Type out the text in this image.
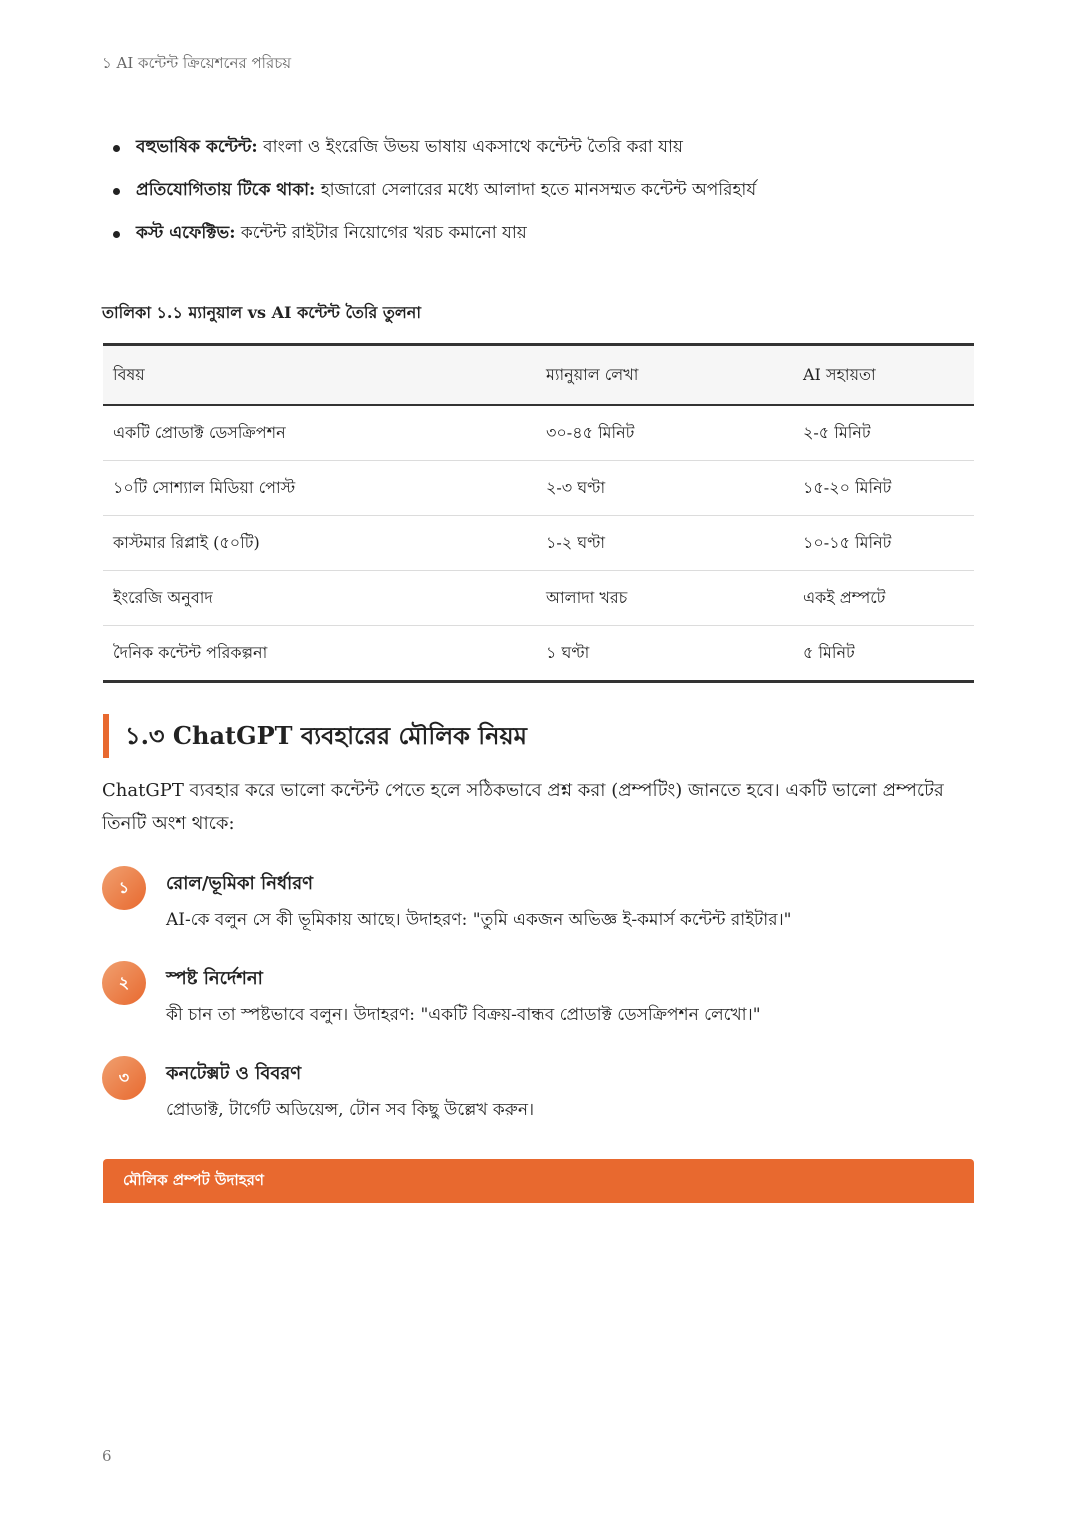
১ AI কন্টেন্ট ক্রিয়েশনের পরিচয়
বহুভাষিক কন্টেন্ট: বাংলা ও ইংরেজি উভয় ভাষায় একসাথে কন্টেন্ট তৈরি করা যায়
প্রতিযোগিতায় টিকে থাকা: হাজারো সেলারের মধ্যে আলাদা হতে মানসম্মত কন্টেন্ট অপরিহার্য
কস্ট এফেক্টিভ: কন্টেন্ট রাইটার নিয়োগের খরচ কমানো যায়
তালিকা ১.১ ম্যানুয়াল vs AI কন্টেন্ট তৈরি তুলনা
বিষয়	ম্যানুয়াল লেখা	AI সহায়তা
একটি প্রোডাক্ট ডেসক্রিপশন	৩০-৪৫ মিনিট	২-৫ মিনিট
১০টি সোশ্যাল মিডিয়া পোস্ট	২-৩ ঘণ্টা	১৫-২০ মিনিট
কাস্টমার রিপ্লাই (৫০টি)	১-২ ঘণ্টা	১০-১৫ মিনিট
ইংরেজি অনুবাদ	আলাদা খরচ	একই প্রম্পটে
দৈনিক কন্টেন্ট পরিকল্পনা	১ ঘণ্টা	৫ মিনিট
১.৩ ChatGPT ব্যবহারের মৌলিক নিয়ম

ChatGPT ব্যবহার করে ভালো কন্টেন্ট পেতে হলে সঠিকভাবে প্রশ্ন করা (প্রম্পটিং) জানতে হবে। একটি ভালো প্রম্পটের তিনটি অংশ থাকে:

১	রোল/ভূমিকা নির্ধারণ
AI-কে বলুন সে কী ভূমিকায় আছে। উদাহরণ: "তুমি একজন অভিজ্ঞ ই-কমার্স কন্টেন্ট রাইটার।"
২	স্পষ্ট নির্দেশনা
কী চান তা স্পষ্টভাবে বলুন। উদাহরণ: "একটি বিক্রয়-বান্ধব প্রোডাক্ট ডেসক্রিপশন লেখো।"
৩	কনটেক্সট ও বিবরণ
প্রোডাক্ট, টার্গেট অডিয়েন্স, টোন সব কিছু উল্লেখ করুন।
মৌলিক প্রম্পট উদাহরণ
6
